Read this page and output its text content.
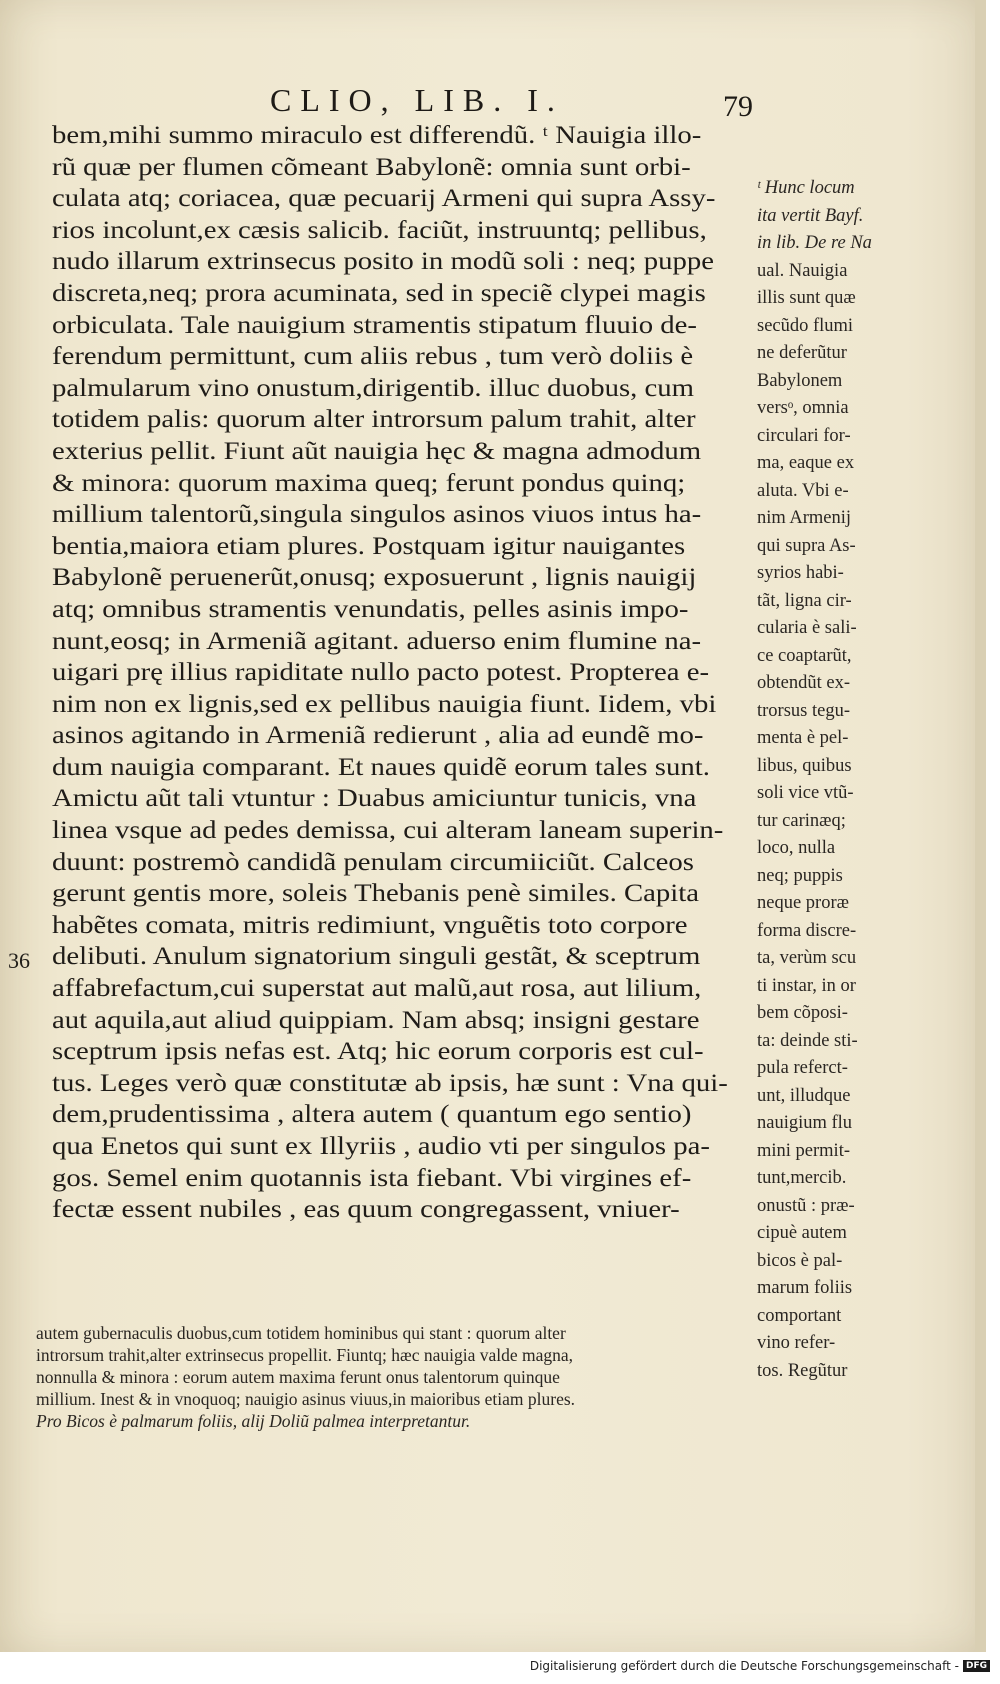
CLIO, LIB. I.	79
36
bem,mihi summo miraculo est differendũ. ᵗ Nauigia illo-
rũ quæ per flumen cõmeant Babylonẽ: omnia sunt orbi-
culata atq; coriacea, quæ pecuarij Armeni qui supra Assy-
rios incolunt,ex cæsis salicib. faciũt, instruuntq; pellibus,
nudo illarum extrinsecus posito in modũ soli : neq; puppe
discreta,neq; prora acuminata, sed in speciẽ clypei magis
orbiculata. Tale nauigium stramentis stipatum fluuio de-
ferendum permittunt, cum aliis rebus , tum verò doliis è
palmularum vino onustum,dirigentib. illuc duobus, cum
totidem palis: quorum alter introrsum palum trahit, alter
exterius pellit. Fiunt aũt nauigia hęc & magna admodum
& minora: quorum maxima queq; ferunt pondus quinq;
millium talentorũ,singula singulos asinos viuos intus ha-
bentia,maiora etiam plures. Postquam igitur nauigantes
Babylonẽ peruenerũt,onusq; exposuerunt , lignis nauigij
atq; omnibus stramentis venundatis, pelles asinis impo-
nunt,eosq; in Armeniã agitant. aduerso enim flumine na-
uigari prę illius rapiditate nullo pacto potest. Propterea e-
nim non ex lignis,sed ex pellibus nauigia fiunt. Iidem, vbi
asinos agitando in Armeniã redierunt , alia ad eundẽ mo-
dum nauigia comparant. Et naues quidẽ eorum tales sunt.
Amictu aũt tali vtuntur : Duabus amiciuntur tunicis, vna
linea vsque ad pedes demissa, cui alteram laneam superin-
duunt: postremò candidã penulam circumiiciũt. Calceos
gerunt gentis more, soleis Thebanis penè similes. Capita
habẽtes comata, mitris redimiunt, vnguẽtis toto corpore
delibuti. Anulum signatorium singuli gestãt, & sceptrum
affabrefactum,cui superstat aut malũ,aut rosa, aut lilium,
aut aquila,aut aliud quippiam. Nam absq; insigni gestare
sceptrum ipsis nefas est. Atq; hic eorum corporis est cul-
tus. Leges verò quæ constitutæ ab ipsis, hæ sunt : Vna qui-
dem,prudentissima , altera autem ( quantum ego sentio)
qua Enetos qui sunt ex Illyriis , audio vti per singulos pa-
gos. Semel enim quotannis ista fiebant. Vbi virgines ef-
fectæ essent nubiles , eas quum congregassent, vniuer-
ᵗ Hunc locum
ita vertit Bayf.
in lib. De re Na
ual. Nauigia
illis sunt quæ
secũdo flumi
ne deferũtur
Babylonem
versᵒ, omnia
circulari for-
ma, eaque ex
aluta. Vbi e-
nim Armenij
qui supra As-
syrios habi-
tãt, ligna cir-
cularia è sali-
ce coaptarũt,
obtendũt ex-
trorsus tegu-
menta è pel-
libus, quibus
soli vice vtũ-
tur carinæq;
loco, nulla
neq; puppis
neque proræ
forma discre-
ta, verùm scu
ti instar, in or
bem cõposi-
ta: deinde sti-
pula referct-
unt, illudque
nauigium flu
mini permit-
tunt,mercib.
onustũ : præ-
cipuè autem
bicos è pal-
marum foliis
comportant
vino refer-
tos. Regũtur
autem gubernaculis duobus,cum totidem hominibus qui stant : quorum alter
introrsum trahit,alter extrinsecus propellit. Fiuntq; hæc nauigia valde magna,
nonnulla & minora : eorum autem maxima ferunt onus talentorum quinque
millium. Inest & in vnoquoq; nauigio asinus viuus,in maioribus etiam plures.
Pro Bicos è palmarum foliis, alij Doliũ palmea interpretantur.
Digitalisierung gefördert durch die Deutsche Forschungsgemeinschaft - DFG
